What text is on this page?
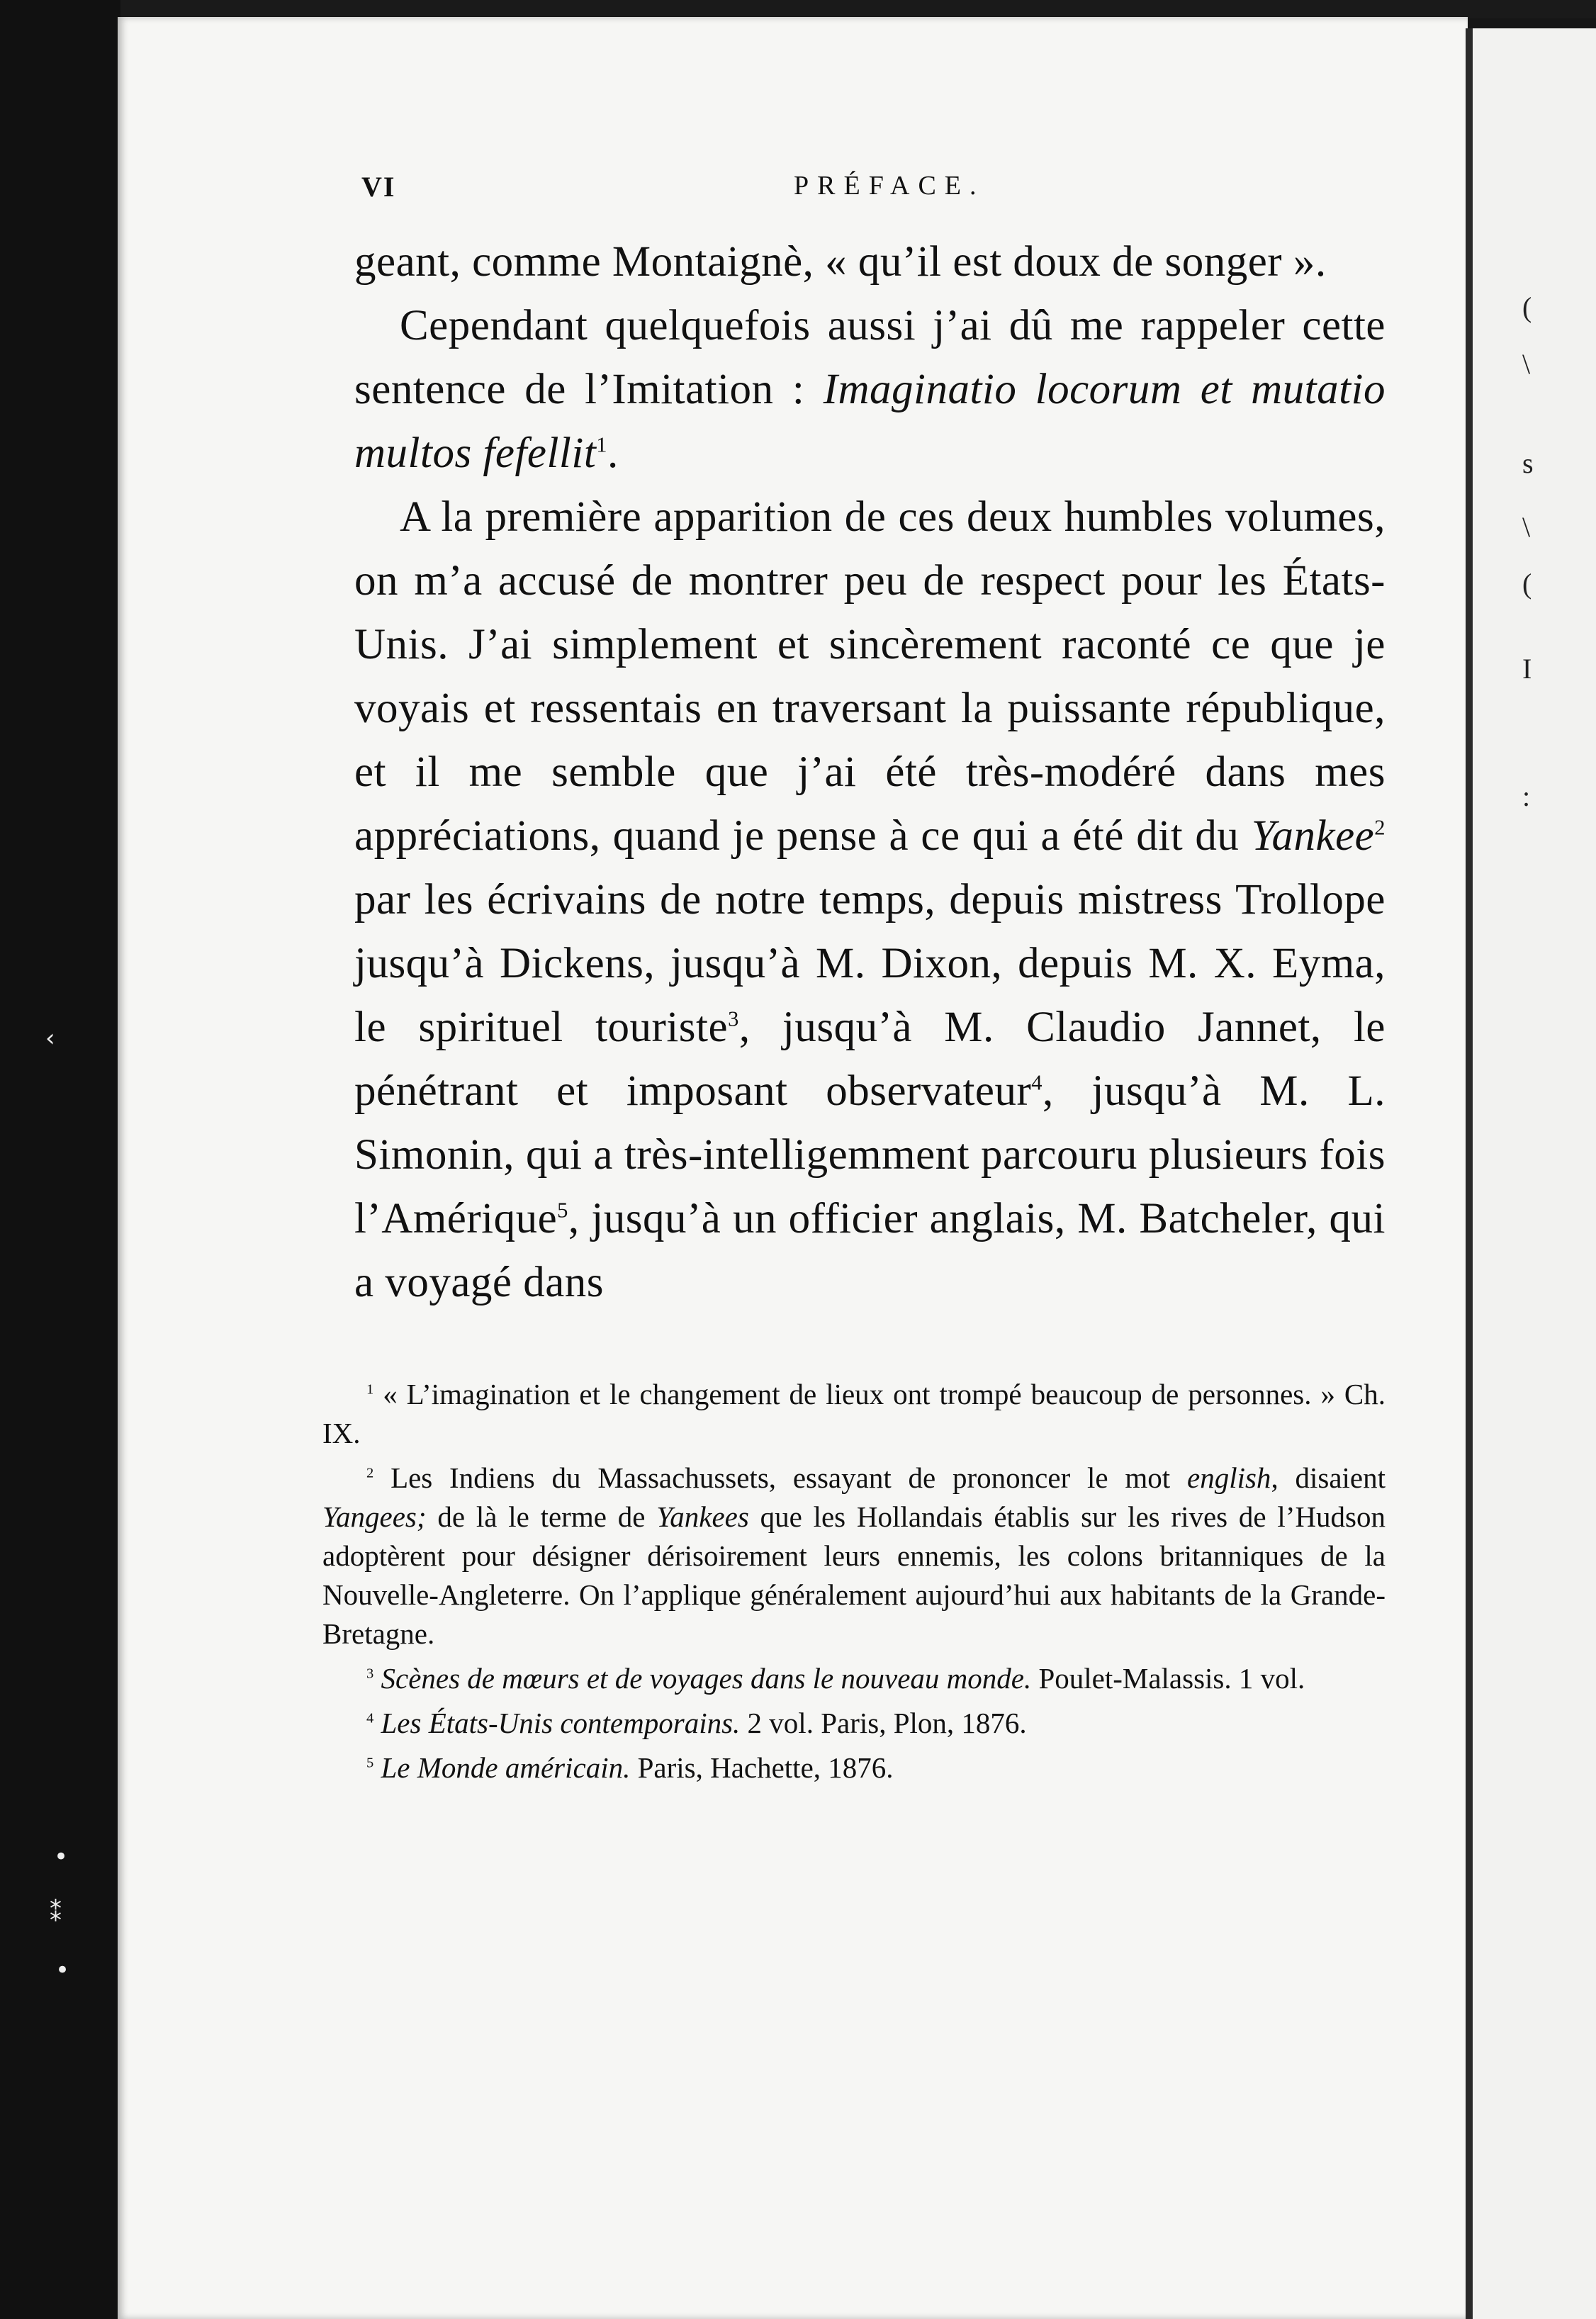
‹
•
⁑
•
(
\
s
\
(
I
:
VI	PRÉFACE.

geant, comme Montaignè, « qu’il est doux de songer ».

Cependant quelquefois aussi j’ai dû me rappeler cette sentence de l’Imitation : Imaginatio locorum et mutatio multos fefellit$^1$.

A la première apparition de ces deux humbles volumes, on m’a accusé de montrer peu de respect pour les États-Unis. J’ai simplement et sincèrement raconté ce que je voyais et ressentais en traversant la puissante république, et il me semble que j’ai été très-modéré dans mes appréciations, quand je pense à ce qui a été dit du Yankee$^2$ par les écrivains de notre temps, depuis mistress Trollope jusqu’à Dickens, jusqu’à M. Dixon, depuis M. X. Eyma, le spirituel touriste$^3$, jusqu’à M. Claudio Jannet, le pénétrant et imposant observateur$^4$, jusqu’à M. L. Simonin, qui a très-intelligemment parcouru plusieurs fois l’Amérique$^5$, jusqu’à un officier anglais, M. Batcheler, qui a voyagé dans

$^1$ « L’imagination et le changement de lieux ont trompé beaucoup de personnes. » Ch. IX.

$^2$ Les Indiens du Massachussets, essayant de prononcer le mot english, disaient Yangees; de là le terme de Yankees que les Hollandais établis sur les rives de l’Hudson adoptèrent pour désigner dérisoirement leurs ennemis, les colons britanniques de la Nouvelle-Angleterre. On l’applique généralement aujourd’hui aux habitants de la Grande-Bretagne.

$^3$ Scènes de mœurs et de voyages dans le nouveau monde. Poulet-Malassis. 1 vol.

$^4$ Les États-Unis contemporains. 2 vol. Paris, Plon, 1876.

$^5$ Le Monde américain. Paris, Hachette, 1876.
